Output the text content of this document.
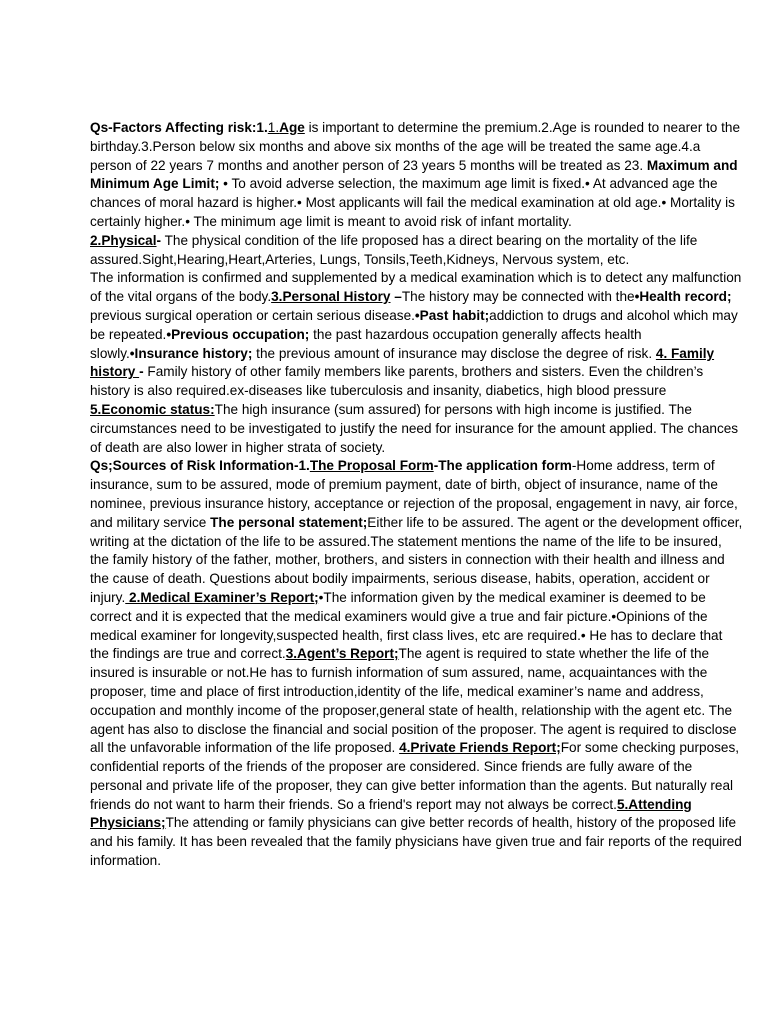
Qs-Factors Affecting risk:1.1.Age is important to determine the premium.2.Age is rounded to nearer to the birthday.3.Person below six months and above six months of the age will be treated the same age.4.a person of 22 years 7 months and another person of 23 years 5 months will be treated as 23. Maximum and Minimum Age Limit; • To avoid adverse selection, the maximum age limit is fixed.• At advanced age the chances of moral hazard is higher.• Most applicants will fail the medical examination at old age.• Mortality is certainly higher.• The minimum age limit is meant to avoid risk of infant mortality.

2.Physical- The physical condition of the life proposed has a direct bearing on the mortality of the life assured.Sight,Hearing,Heart,Arteries, Lungs, Tonsils,Teeth,Kidneys, Nervous system, etc.

The information is confirmed and supplemented by a medical examination which is to detect any malfunction of the vital organs of the body.3.Personal History –The history may be connected with the•Health record; previous surgical operation or certain serious disease.•Past habit;addiction to drugs and alcohol which may be repeated.•Previous occupation; the past hazardous occupation generally affects health slowly.•Insurance history; the previous amount of insurance may disclose the degree of risk. 4. Family history - Family history of other family members like parents, brothers and sisters. Even the children’s history is also required.ex-diseases like tuberculosis and insanity, diabetics, high blood pressure 5.Economic status:The high insurance (sum assured) for persons with high income is justified. The circumstances need to be investigated to justify the need for insurance for the amount applied. The chances of death are also lower in higher strata of society.

Qs;Sources of Risk Information-1.The Proposal Form-The application form-Home address, term of insurance, sum to be assured, mode of premium payment, date of birth, object of insurance, name of the nominee, previous insurance history, acceptance or rejection of the proposal, engagement in navy, air force, and military service The personal statement;Either life to be assured. The agent or the development officer, writing at the dictation of the life to be assured.The statement mentions the name of the life to be insured, the family history of the father, mother, brothers, and sisters in connection with their health and illness and the cause of death. Questions about bodily impairments, serious disease, habits, operation, accident or injury. 2.Medical Examiner’s Report;•The information given by the medical examiner is deemed to be correct and it is expected that the medical examiners would give a true and fair picture.•Opinions of the medical examiner for longevity,suspected health, first class lives, etc are required.• He has to declare that the findings are true and correct.3.Agent’s Report;The agent is required to state whether the life of the insured is insurable or not.He has to furnish information of sum assured, name, acquaintances with the proposer, time and place of first introduction,identity of the life, medical examiner’s name and address, occupation and monthly income of the proposer,general state of health, relationship with the agent etc. The agent has also to disclose the financial and social position of the proposer. The agent is required to disclose all the unfavorable information of the life proposed. 4.Private Friends Report;For some checking purposes, confidential reports of the friends of the proposer are considered. Since friends are fully aware of the personal and private life of the proposer, they can give better information than the agents. But naturally real friends do not want to harm their friends. So a friend's report may not always be correct.5.Attending Physicians;The attending or family physicians can give better records of health, history of the proposed life and his family. It has been revealed that the family physicians have given true and fair reports of the required information.
